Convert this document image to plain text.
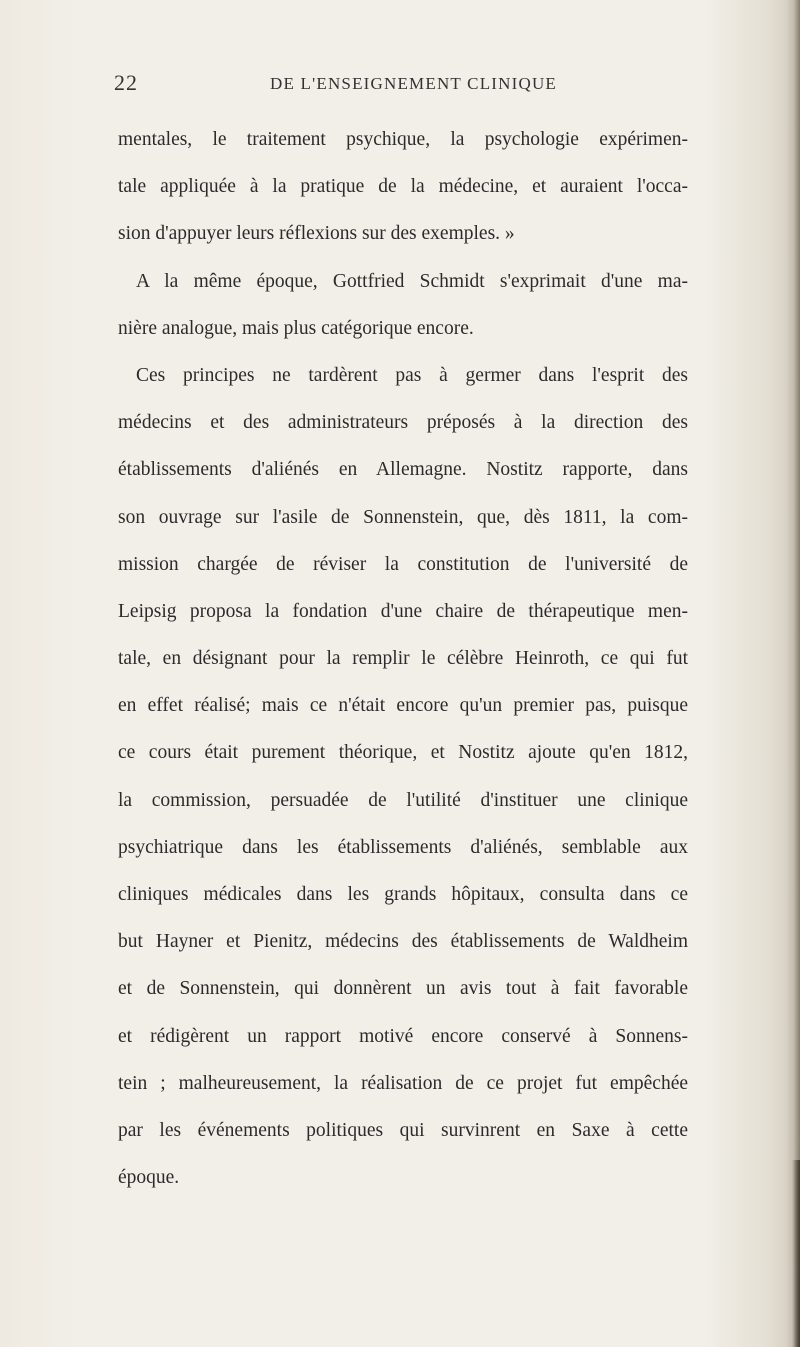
22	DE L'ENSEIGNEMENT CLINIQUE
mentales, le traitement psychique, la psychologie expérimen-
tale appliquée à la pratique de la médecine, et auraient l'occa-
sion d'appuyer leurs réflexions sur des exemples. »
A la même époque, Gottfried Schmidt s'exprimait d'une ma-
nière analogue, mais plus catégorique encore.
Ces principes ne tardèrent pas à germer dans l'esprit des
médecins et des administrateurs préposés à la direction des
établissements d'aliénés en Allemagne. Nostitz rapporte, dans
son ouvrage sur l'asile de Sonnenstein, que, dès 1811, la com-
mission chargée de réviser la constitution de l'université de
Leipsig proposa la fondation d'une chaire de thérapeutique men-
tale, en désignant pour la remplir le célèbre Heinroth, ce qui fut
en effet réalisé; mais ce n'était encore qu'un premier pas, puisque
ce cours était purement théorique, et Nostitz ajoute qu'en 1812,
la commission, persuadée de l'utilité d'instituer une clinique
psychiatrique dans les établissements d'aliénés, semblable aux
cliniques médicales dans les grands hôpitaux, consulta dans ce
but Hayner et Pienitz, médecins des établissements de Waldheim
et de Sonnenstein, qui donnèrent un avis tout à fait favorable
et rédigèrent un rapport motivé encore conservé à Sonnens-
tein ; malheureusement, la réalisation de ce projet fut empêchée
par les événements politiques qui survinrent en Saxe à cette
époque.
